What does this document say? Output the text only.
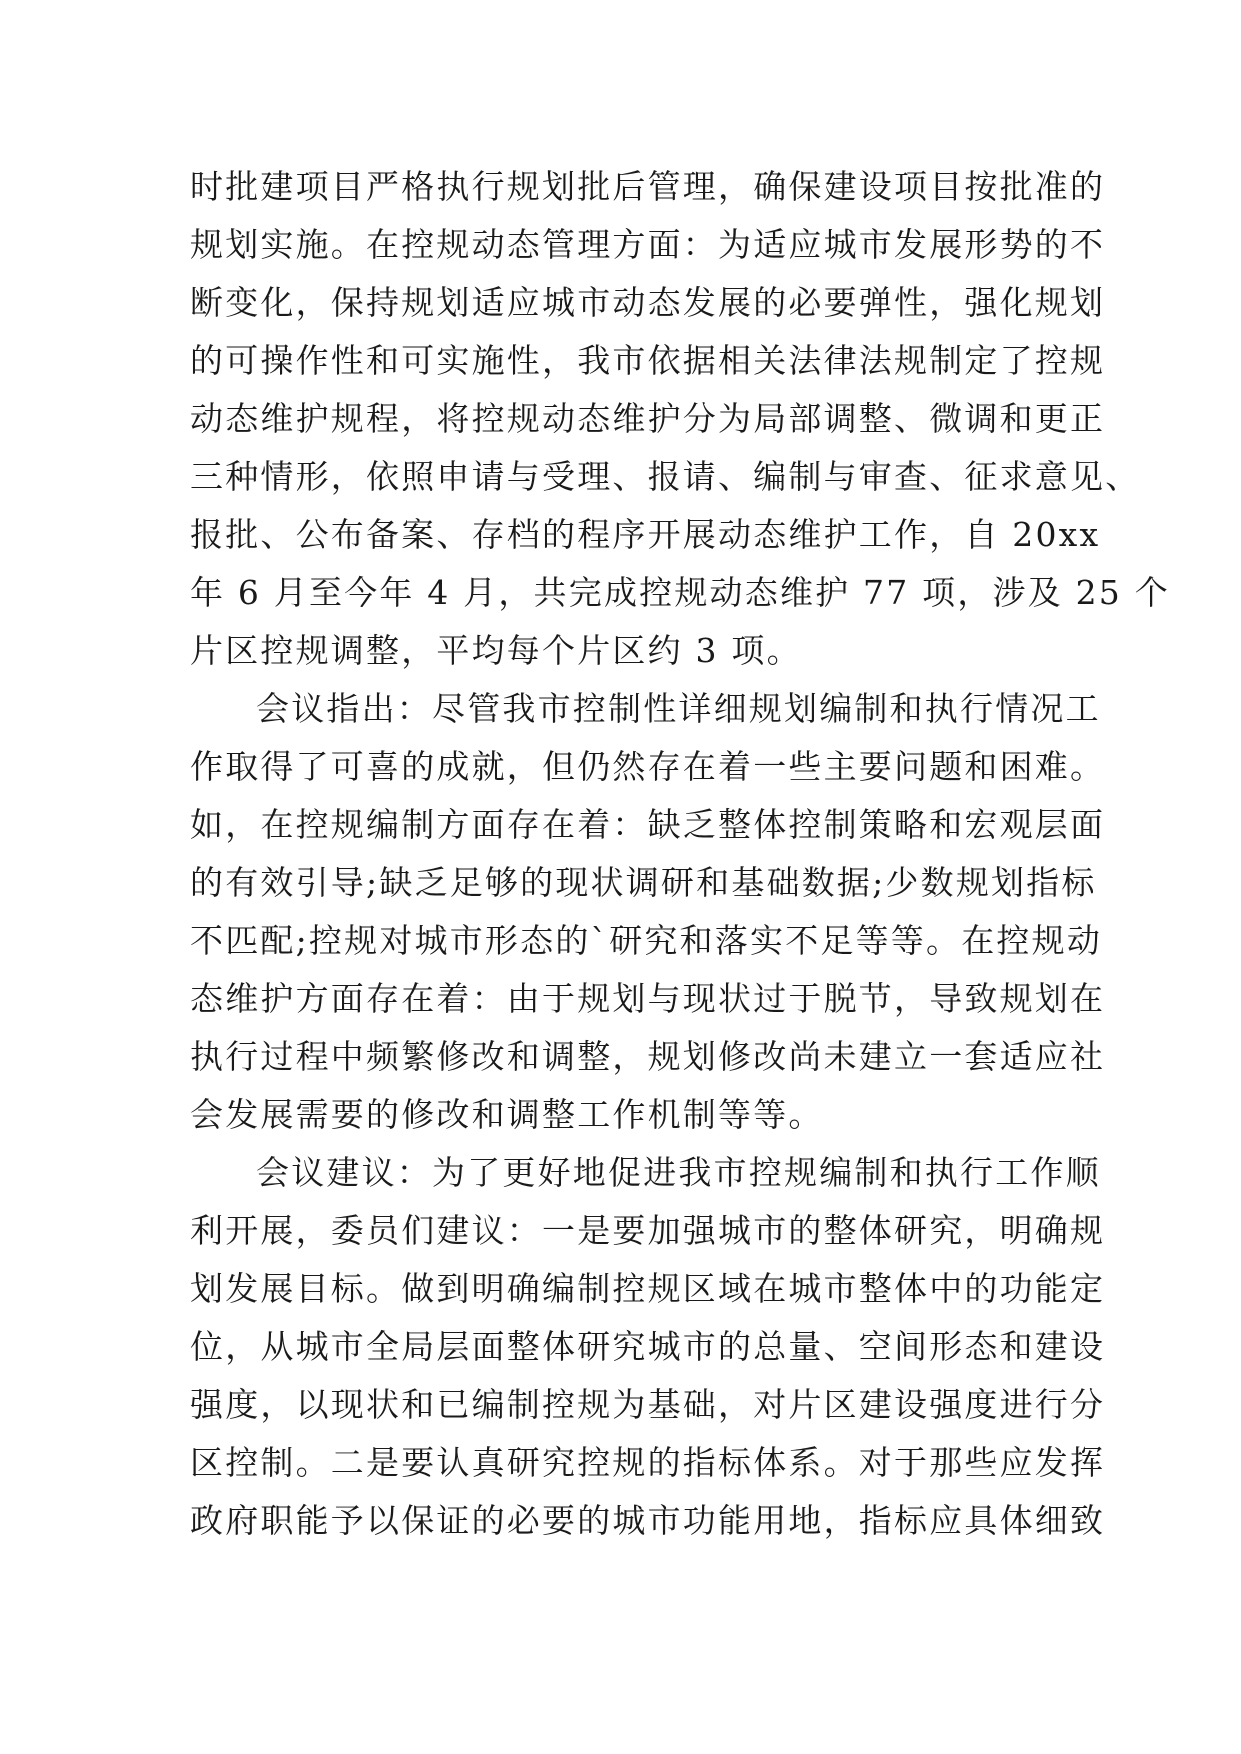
时批建项目严格执行规划批后管理，确保建设项目按批准的
规划实施。在控规动态管理方面：为适应城市发展形势的不
断变化，保持规划适应城市动态发展的必要弹性，强化规划
的可操作性和可实施性，我市依据相关法律法规制定了控规
动态维护规程，将控规动态维护分为局部调整、微调和更正
三种情形，依照申请与受理、报请、编制与审查、征求意见、
报批、公布备案、存档的程序开展动态维护工作，自 20xx
年 6 月至今年 4 月，共完成控规动态维护 77 项，涉及 25 个
片区控规调整，平均每个片区约 3 项。
会议指出：尽管我市控制性详细规划编制和执行情况工
作取得了可喜的成就，但仍然存在着一些主要问题和困难。
如，在控规编制方面存在着：缺乏整体控制策略和宏观层面
的有效引导;缺乏足够的现状调研和基础数据;少数规划指标
不匹配;控规对城市形态的`研究和落实不足等等。在控规动
态维护方面存在着：由于规划与现状过于脱节，导致规划在
执行过程中频繁修改和调整，规划修改尚未建立一套适应社
会发展需要的修改和调整工作机制等等。
会议建议：为了更好地促进我市控规编制和执行工作顺
利开展，委员们建议：一是要加强城市的整体研究，明确规
划发展目标。做到明确编制控规区域在城市整体中的功能定
位，从城市全局层面整体研究城市的总量、空间形态和建设
强度，以现状和已编制控规为基础，对片区建设强度进行分
区控制。二是要认真研究控规的指标体系。对于那些应发挥
政府职能予以保证的必要的城市功能用地，指标应具体细致
